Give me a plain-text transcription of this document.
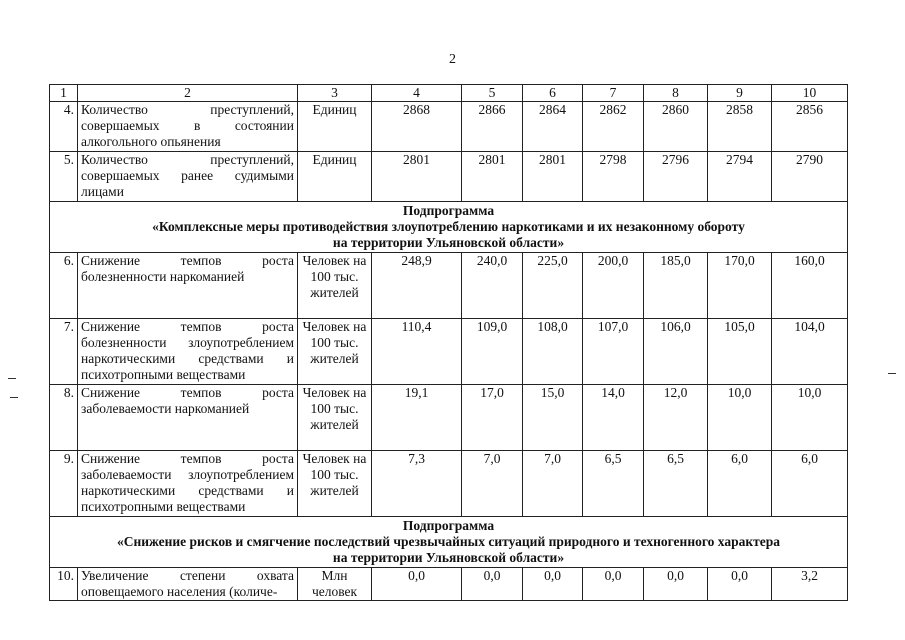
2
1	2	3	4	5	6	7	8	9	10
4.	Количество преступлений, совершаемых в состоянии алкогольного опьянения	Единиц	2868	2866	2864	2862	2860	2858	2856
5.	Количество преступлений, совершаемых ранее судимыми лицами	Единиц	2801	2801	2801	2798	2796	2794	2790

Подпрограмма
«Комплексные меры противодействия злоупотреблению наркотиками и их незаконному обороту
на территории Ульяновской области»									

6.	Снижение темпов роста болезненности наркоманией	Человек на 100 тыс. жителей	248,9	240,0	225,0	200,0	185,0	170,0	160,0
7.	Снижение темпов роста болезненности злоупотреблением наркотическими средствами и психотропными веществами	Человек на 100 тыс. жителей	110,4	109,0	108,0	107,0	106,0	105,0	104,0
8.	Снижение темпов роста заболеваемости наркоманией	Человек на 100 тыс. жителей	19,1	17,0	15,0	14,0	12,0	10,0	10,0
9.	Снижение темпов роста заболеваемости злоупотреблением наркотическими средствами и психотропными веществами	Человек на 100 тыс. жителей	7,3	7,0	7,0	6,5	6,5	6,0	6,0

Подпрограмма
«Снижение рисков и смягчение последствий чрезвычайных ситуаций природного и техногенного характера
на территории Ульяновской области»									

10.	Увеличение степени охвата оповещаемого населения (количе-	Млн человек	0,0	0,0	0,0	0,0	0,0	0,0	3,2
